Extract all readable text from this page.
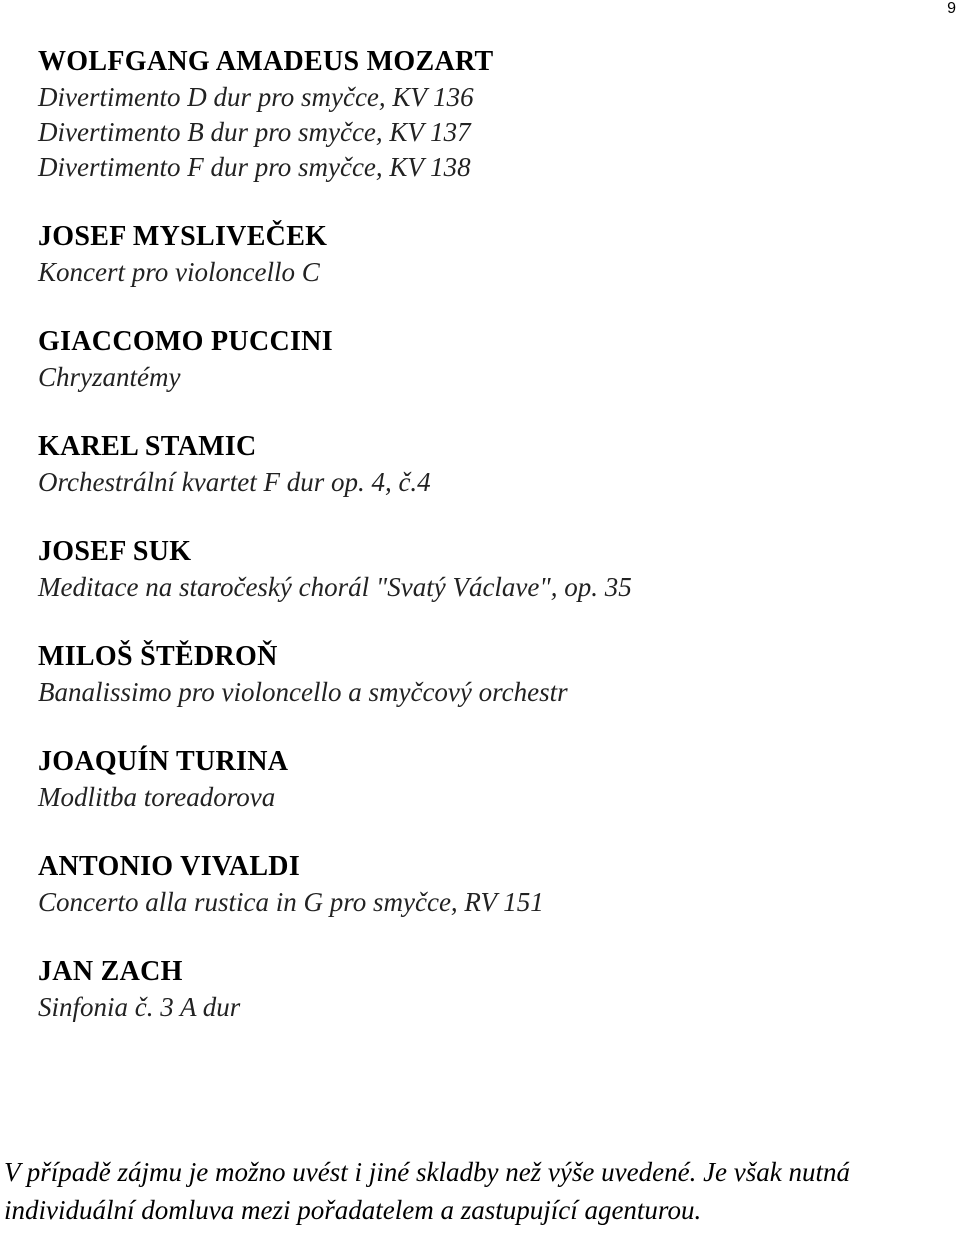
9
WOLFGANG AMADEUS MOZART
Divertimento D dur pro smyčce, KV 136
Divertimento B dur pro smyčce, KV 137
Divertimento F dur pro smyčce, KV 138
JOSEF MYSLIVEČEK
Koncert pro violoncello C
GIACCOMO PUCCINI
Chryzantémy
KAREL STAMIC
Orchestrální kvartet F dur op. 4, č.4
JOSEF SUK
Meditace na staročeský chorál "Svatý Václave", op. 35
MILOŠ ŠTĚDROŇ
Banalissimo pro violoncello a smyčcový orchestr
JOAQUÍN TURINA
Modlitba toreadorova
ANTONIO VIVALDI
Concerto alla rustica in G pro smyčce, RV 151
JAN ZACH
Sinfonia č. 3 A dur
V případě zájmu je možno uvést i jiné skladby než výše uvedené. Je však nutná individuální domluva mezi pořadatelem a zastupující agenturou.
